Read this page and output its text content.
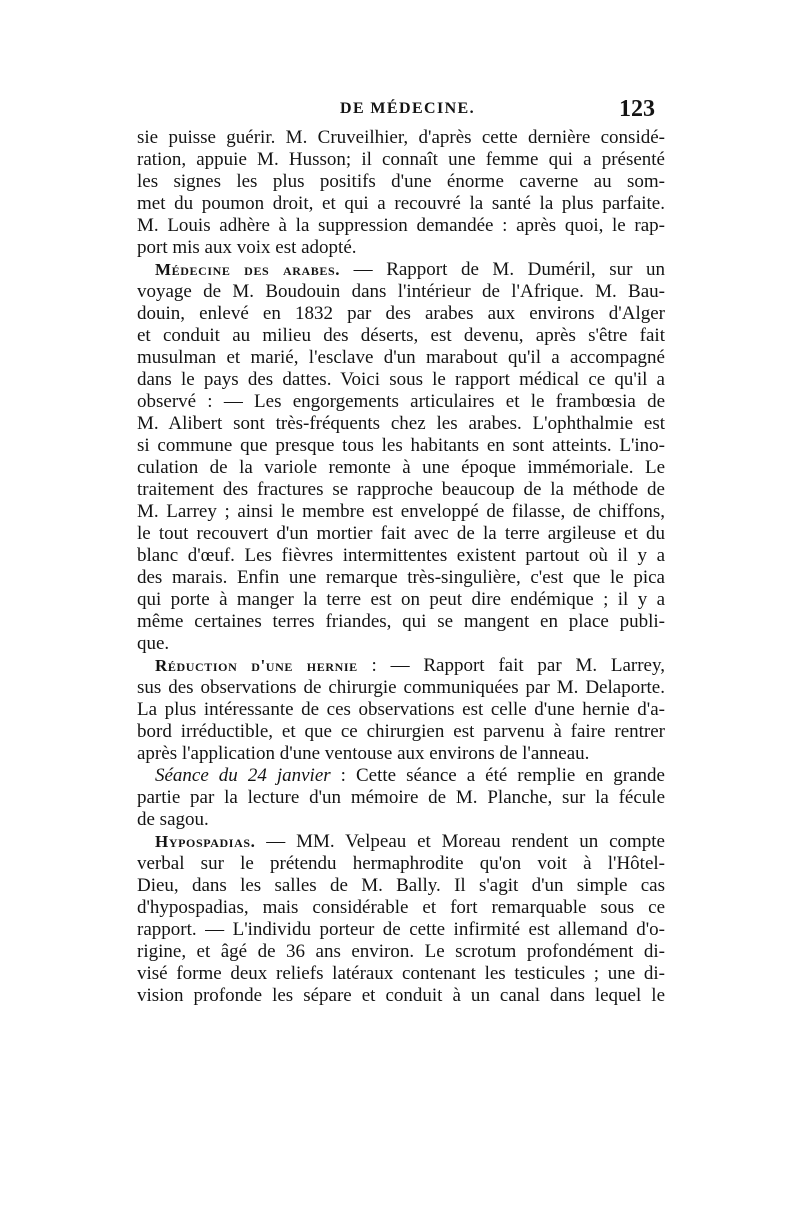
DE MÉDECINE.	123
sie puisse guérir. M. Cruveilhier, d'après cette dernière considé-
ration, appuie M. Husson; il connaît une femme qui a présenté
les signes les plus positifs d'une énorme caverne au som-
met du poumon droit, et qui a recouvré la santé la plus parfaite.
M. Louis adhère à la suppression demandée : après quoi, le rap-
port mis aux voix est adopté.
Médecine des arabes. — Rapport de M. Duméril, sur un
voyage de M. Boudouin dans l'intérieur de l'Afrique. M. Bau-
douin, enlevé en 1832 par des arabes aux environs d'Alger
et conduit au milieu des déserts, est devenu, après s'être fait
musulman et marié, l'esclave d'un marabout qu'il a accompagné
dans le pays des dattes. Voici sous le rapport médical ce qu'il a
observé : — Les engorgements articulaires et le frambœsia de
M. Alibert sont très-fréquents chez les arabes. L'ophthalmie est
si commune que presque tous les habitants en sont atteints. L'ino-
culation de la variole remonte à une époque immémoriale. Le
traitement des fractures se rapproche beaucoup de la méthode de
M. Larrey ; ainsi le membre est enveloppé de filasse, de chiffons,
le tout recouvert d'un mortier fait avec de la terre argileuse et du
blanc d'œuf. Les fièvres intermittentes existent partout où il y a
des marais. Enfin une remarque très-singulière, c'est que le pica
qui porte à manger la terre est on peut dire endémique ; il y a
même certaines terres friandes, qui se mangent en place publi-
que.
Réduction d'une hernie : — Rapport fait par M. Larrey,
sus des observations de chirurgie communiquées par M. Delaporte.
La plus intéressante de ces observations est celle d'une hernie d'a-
bord irréductible, et que ce chirurgien est parvenu à faire rentrer
après l'application d'une ventouse aux environs de l'anneau.
Séance du 24 janvier : Cette séance a été remplie en grande
partie par la lecture d'un mémoire de M. Planche, sur la fécule
de sagou.
Hypospadias. — MM. Velpeau et Moreau rendent un compte
verbal sur le prétendu hermaphrodite qu'on voit à l'Hôtel-
Dieu, dans les salles de M. Bally. Il s'agit d'un simple cas
d'hypospadias, mais considérable et fort remarquable sous ce
rapport. — L'individu porteur de cette infirmité est allemand d'o-
rigine, et âgé de 36 ans environ. Le scrotum profondément di-
visé forme deux reliefs latéraux contenant les testicules ; une di-
vision profonde les sépare et conduit à un canal dans lequel le
